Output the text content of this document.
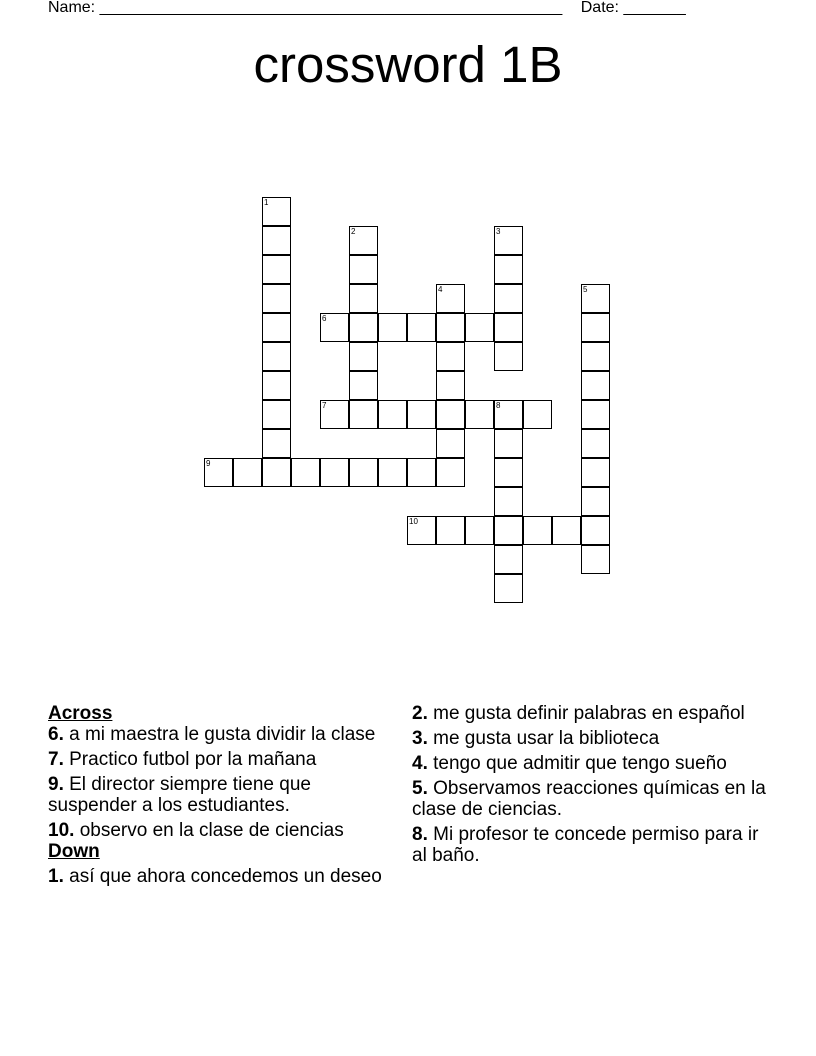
Name: ____________________________________________________ Date: _______
crossword 1B
1
2	3
4	5
6
7	8
9
10
Across
6. a mi maestra le gusta dividir la clase
7. Practico futbol por la mañana
9. El director siempre tiene que suspender a los estudiantes.
10. observo en la clase de ciencias
Down
1. así que ahora concedemos un deseo
2. me gusta definir palabras en español
3. me gusta usar la biblioteca
4. tengo que admitir que tengo sueño
5. Observamos reacciones químicas en la clase de ciencias.
8. Mi profesor te concede permiso para ir al baño.
